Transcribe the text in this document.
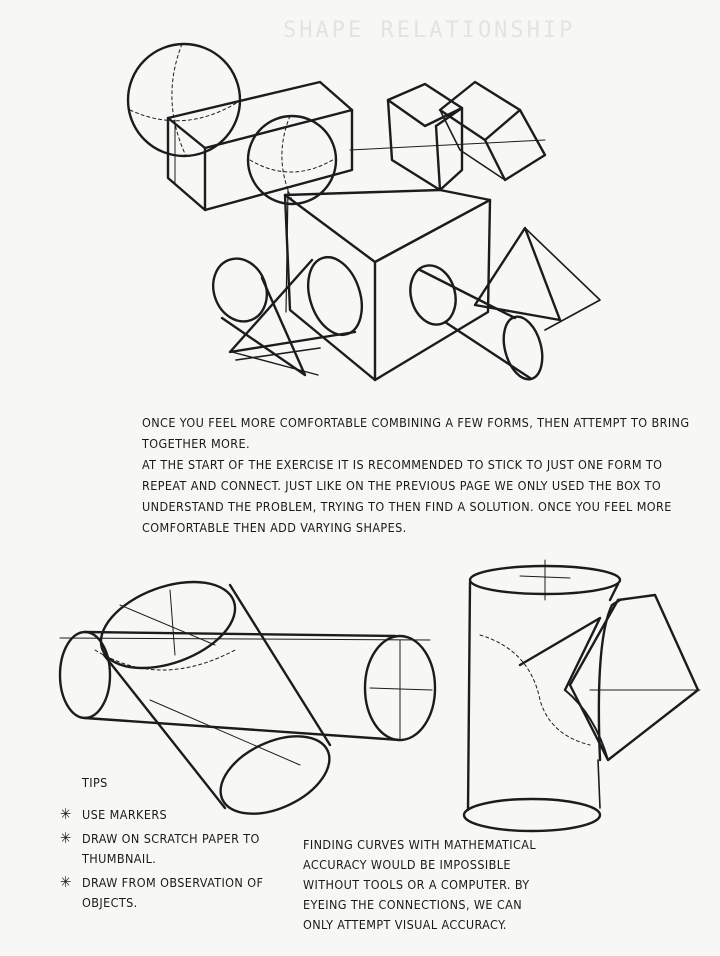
SHAPE RELATIONSHIP

ONCE YOU FEEL MORE COMFORTABLE COMBINING A FEW FORMS, THEN ATTEMPT TO BRING TOGETHER MORE.

AT THE START OF THE EXERCISE IT IS RECOMMENDED TO STICK TO JUST ONE FORM TO REPEAT AND CONNECT. JUST LIKE ON THE PREVIOUS PAGE WE ONLY USED THE BOX TO UNDERSTAND THE PROBLEM, TRYING TO THEN FIND A SOLUTION. ONCE YOU FEEL MORE COMFORTABLE THEN ADD VARYING SHAPES.

TIPS
✳ USE MARKERS
✳ DRAW ON SCRATCH PAPER TO THUMBNAIL.
✳ DRAW FROM OBSERVATION OF OBJECTS.
FINDING CURVES WITH MATHEMATICAL ACCURACY WOULD BE IMPOSSIBLE WITHOUT TOOLS OR A COMPUTER. BY EYEING THE CONNECTIONS, WE CAN ONLY ATTEMPT VISUAL ACCURACY.
